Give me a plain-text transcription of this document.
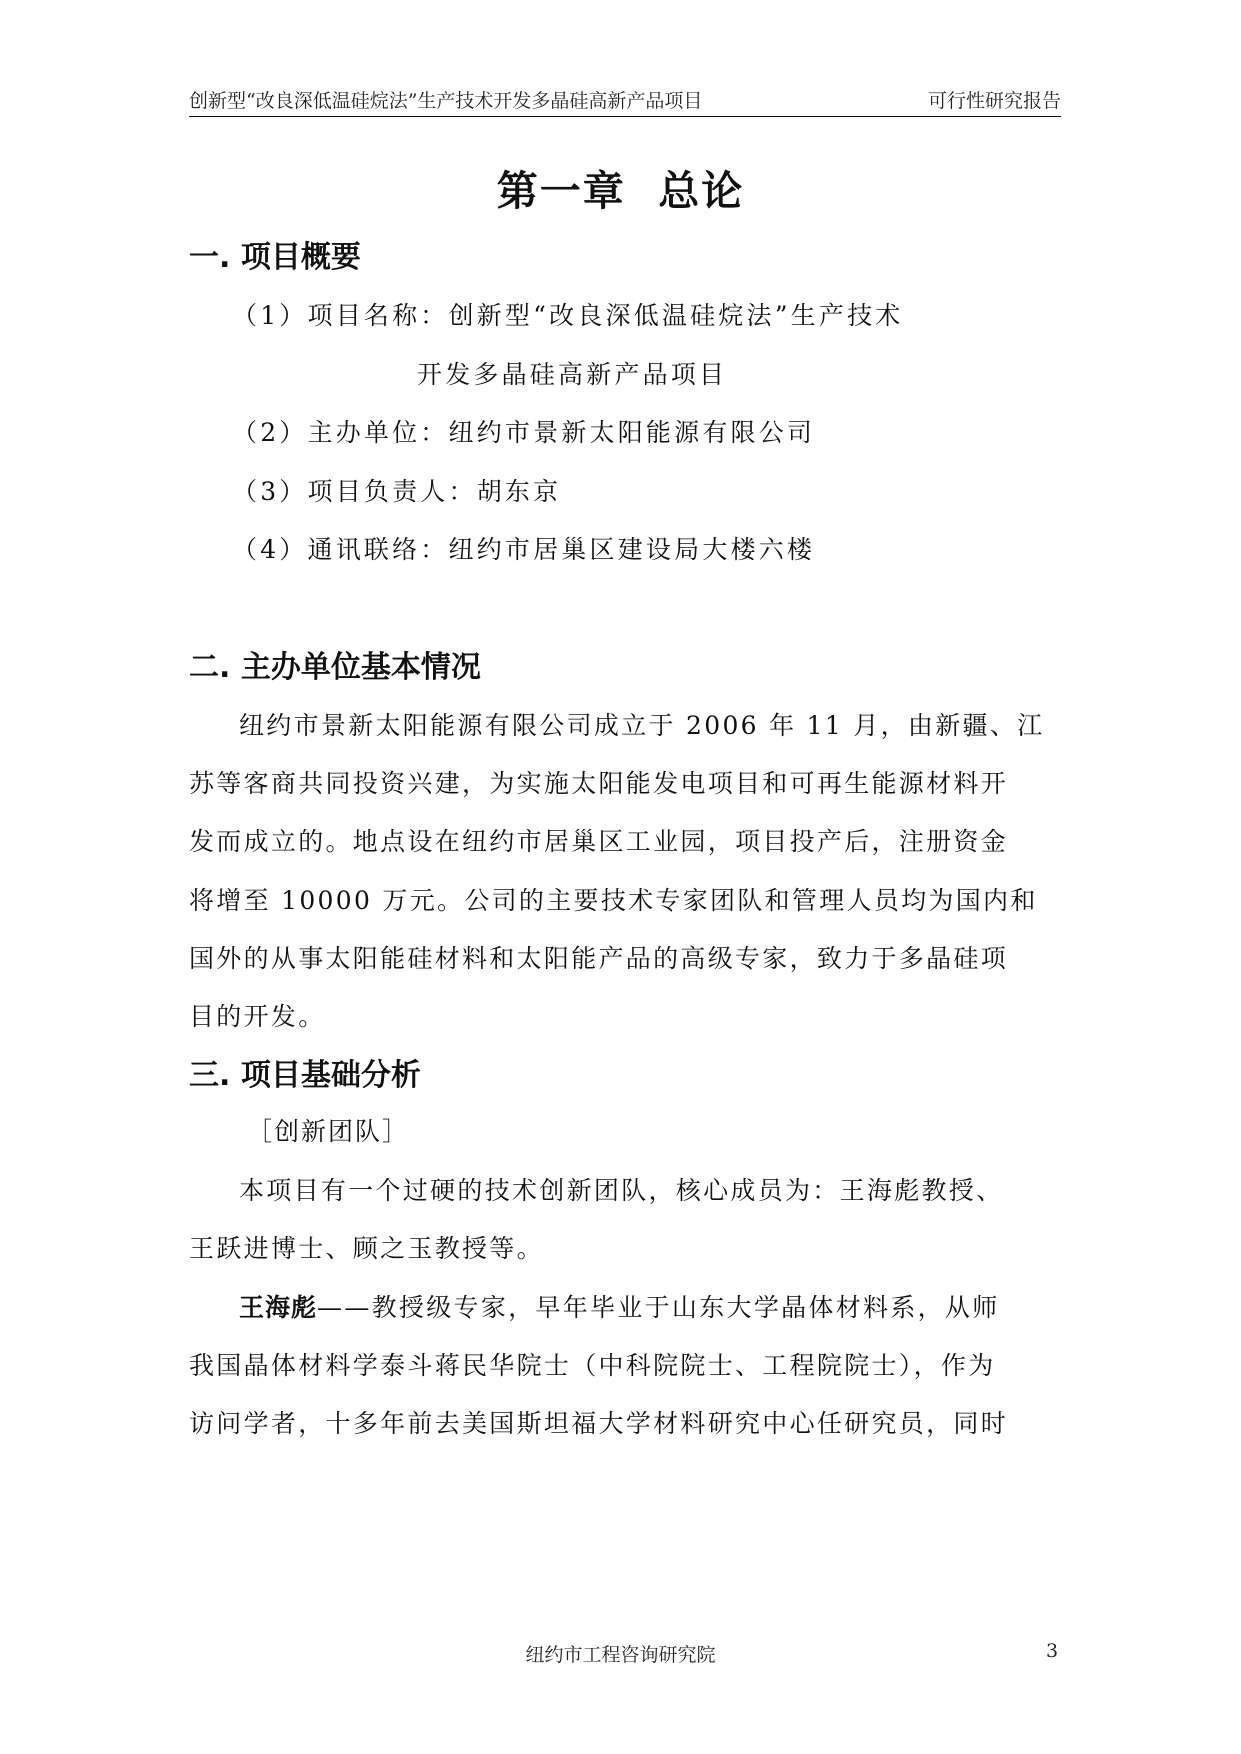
创新型“改良深低温硅烷法”生产技术开发多晶硅高新产品项目	可行性研究报告
第一章  总论
一. 项目概要
（1）项目名称：创新型“改良深低温硅烷法”生产技术
开发多晶硅高新产品项目
（2）主办单位：纽约市景新太阳能源有限公司
（3）项目负责人：胡东京
（4）通讯联络：纽约市居巢区建设局大楼六楼
二. 主办单位基本情况
纽约市景新太阳能源有限公司成立于 2006 年 11 月，由新疆、江
苏等客商共同投资兴建，为实施太阳能发电项目和可再生能源材料开
发而成立的。地点设在纽约市居巢区工业园，项目投产后，注册资金
将增至 10000 万元。公司的主要技术专家团队和管理人员均为国内和
国外的从事太阳能硅材料和太阳能产品的高级专家，致力于多晶硅项
目的开发。
三. 项目基础分析
［创新团队］
本项目有一个过硬的技术创新团队，核心成员为：王海彪教授、
王跃进博士、顾之玉教授等。
王海彪——教授级专家，早年毕业于山东大学晶体材料系，从师
我国晶体材料学泰斗蒋民华院士（中科院院士、工程院院士），作为
访问学者，十多年前去美国斯坦福大学材料研究中心任研究员，同时
纽约市工程咨询研究院	3
